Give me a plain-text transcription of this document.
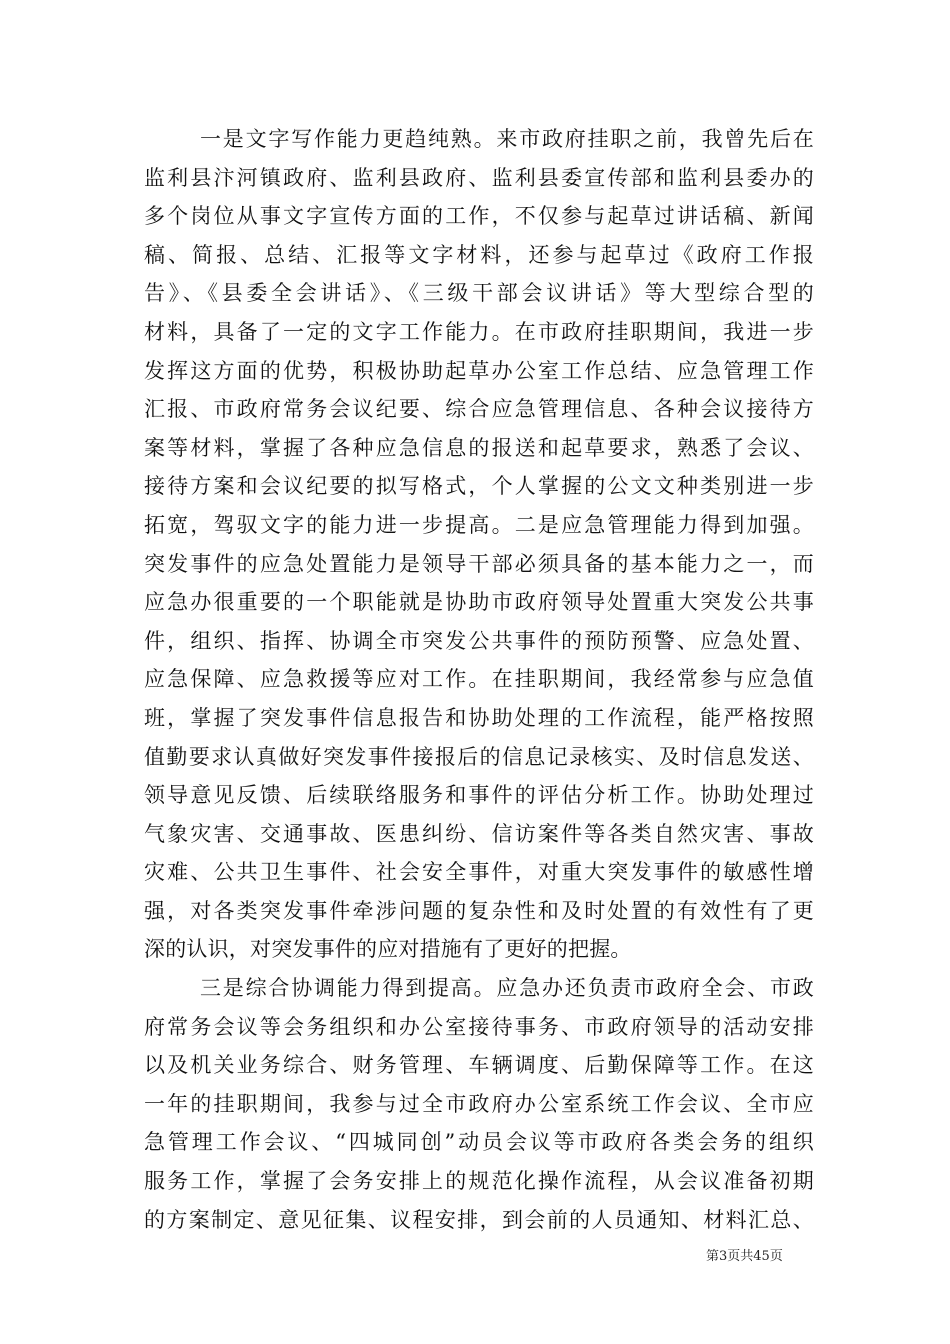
一是文字写作能力更趋纯熟。来市政府挂职之前，我曾先后在
监利县汴河镇政府、监利县政府、监利县委宣传部和监利县委办的
多个岗位从事文字宣传方面的工作，不仅参与起草过讲话稿、新闻
稿、简报、总结、汇报等文字材料，还参与起草过《政府工作报
告》、《县委全会讲话》、《三级干部会议讲话》等大型综合型的
材料，具备了一定的文字工作能力。在市政府挂职期间，我进一步
发挥这方面的优势，积极协助起草办公室工作总结、应急管理工作
汇报、市政府常务会议纪要、综合应急管理信息、各种会议接待方
案等材料，掌握了各种应急信息的报送和起草要求，熟悉了会议、
接待方案和会议纪要的拟写格式，个人掌握的公文文种类别进一步
拓宽，驾驭文字的能力进一步提高。二是应急管理能力得到加强。
突发事件的应急处置能力是领导干部必须具备的基本能力之一，而
应急办很重要的一个职能就是协助市政府领导处置重大突发公共事
件，组织、指挥、协调全市突发公共事件的预防预警、应急处置、
应急保障、应急救援等应对工作。在挂职期间，我经常参与应急值
班，掌握了突发事件信息报告和协助处理的工作流程，能严格按照
值勤要求认真做好突发事件接报后的信息记录核实、及时信息发送、
领导意见反馈、后续联络服务和事件的评估分析工作。协助处理过
气象灾害、交通事故、医患纠纷、信访案件等各类自然灾害、事故
灾难、公共卫生事件、社会安全事件，对重大突发事件的敏感性增
强，对各类突发事件牵涉问题的复杂性和及时处置的有效性有了更
深的认识，对突发事件的应对措施有了更好的把握。
三是综合协调能力得到提高。应急办还负责市政府全会、市政
府常务会议等会务组织和办公室接待事务、市政府领导的活动安排
以及机关业务综合、财务管理、车辆调度、后勤保障等工作。在这
一年的挂职期间，我参与过全市政府办公室系统工作会议、全市应
急管理工作会议、“四城同创”动员会议等市政府各类会务的组织
服务工作，掌握了会务安排上的规范化操作流程，从会议准备初期
的方案制定、意见征集、议程安排，到会前的人员通知、材料汇总、
第3页共45页
